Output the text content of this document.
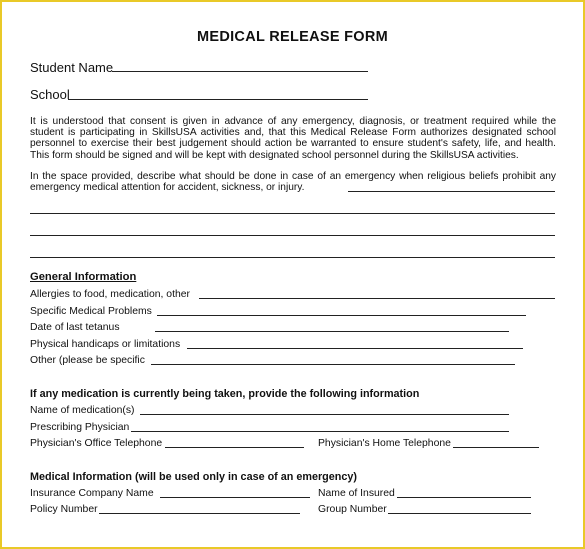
MEDICAL RELEASE FORM
Student Name
School

It is understood that consent is given in advance of any emergency, diagnosis, or treatment required while the student is participating in SkillsUSA activities and, that this Medical Release Form authorizes designated school personnel to exercise their best judgement should action be warranted to ensure student's safety, life, and health. This form should be signed and will be kept with designated school personnel during the SkillsUSA activities.

In the space provided, describe what should be done in case of an emergency when religious beliefs prohibit any emergency medical attention for accident, sickness, or injury.

General Information
Allergies to food, medication, other
Specific Medical Problems
Date of last tetanus
Physical handicaps or limitations
Other (please be specific
If any medication is currently being taken, provide the following information
Name of medication(s)
Prescribing Physician
Physician's Office Telephone	Physician's Home Telephone
Medical Information (will be used only in case of an emergency)
Insurance Company Name	Name of Insured
Policy Number	Group Number
